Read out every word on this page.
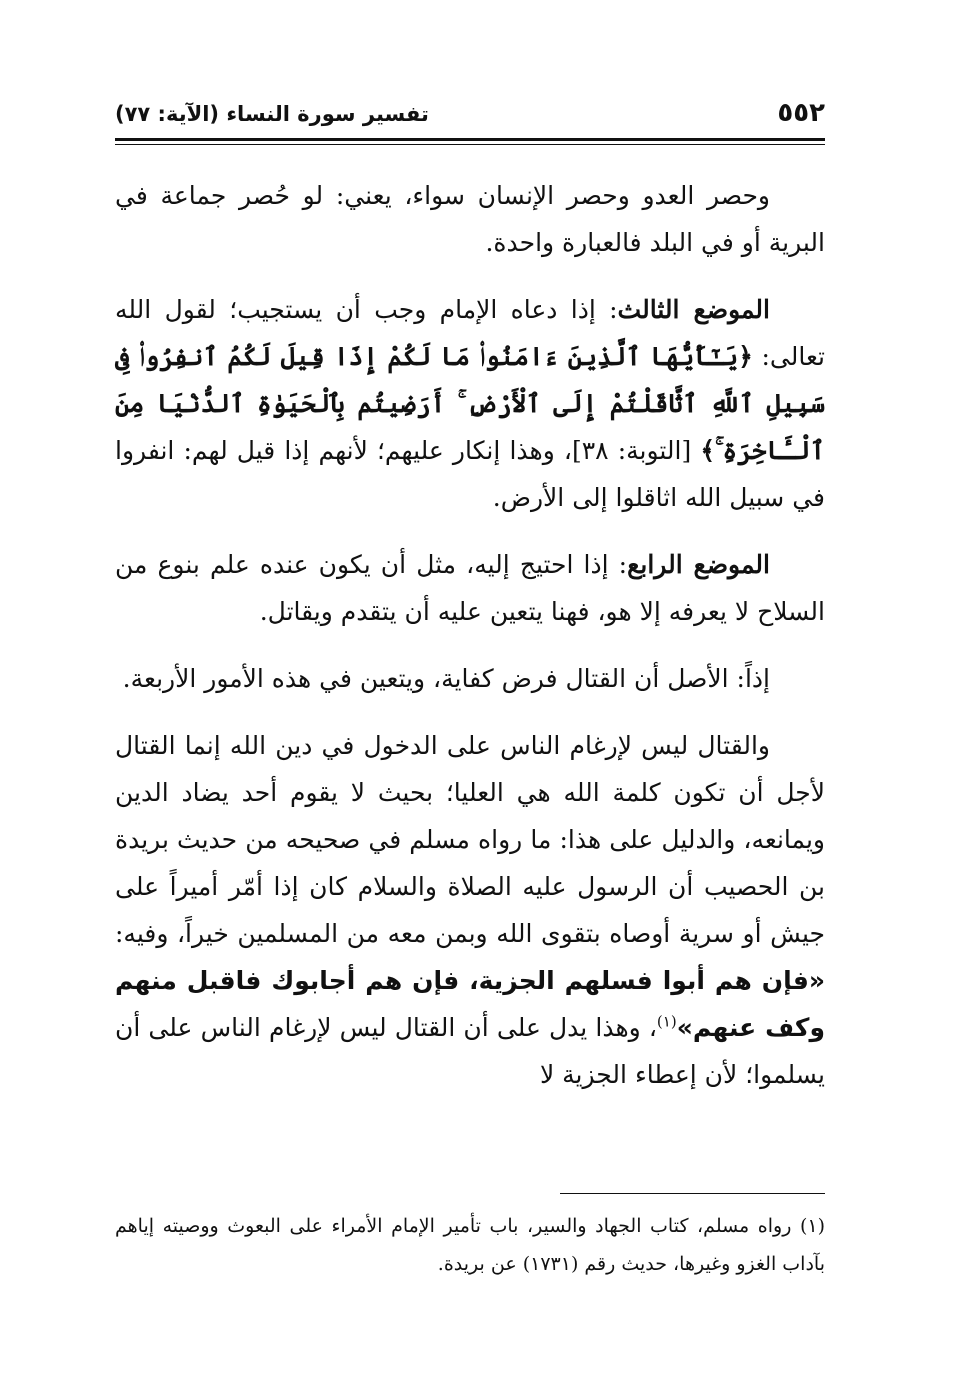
٥٥٢
تفسير سورة النساء (الآية: ٧٧)

وحصر العدو وحصر الإنسان سواء، يعني: لو حُصر جماعة في البرية أو في البلد فالعبارة واحدة.

الموضع الثالث: إذا دعاه الإمام وجب أن يستجيب؛ لقول الله تعالى: ﴿يَـٰٓأَيُّهَا ٱلَّذِينَ ءَامَنُوا۟ مَا لَكُمْ إِذَا قِيلَ لَكُمُ ٱنفِرُوا۟ فِى سَبِيلِ ٱللَّهِ ٱثَّاقَلْتُمْ إِلَى ٱلْأَرْضِ ۚ أَرَضِيتُم بِٱلْحَيَوٰةِ ٱلدُّنْيَا مِنَ ٱلْـَٔاخِرَةِ ۚ﴾ [التوبة: ٣٨]، وهذا إنكار عليهم؛ لأنهم إذا قيل لهم: انفروا في سبيل الله اثاقلوا إلى الأرض.

الموضع الرابع: إذا احتيج إليه، مثل أن يكون عنده علم بنوع من السلاح لا يعرفه إلا هو، فهنا يتعين عليه أن يتقدم ويقاتل.

إذاً: الأصل أن القتال فرض كفاية، ويتعين في هذه الأمور الأربعة.

والقتال ليس لإرغام الناس على الدخول في دين الله إنما القتال لأجل أن تكون كلمة الله هي العليا؛ بحيث لا يقوم أحد يضاد الدين ويمانعه، والدليل على هذا: ما رواه مسلم في صحيحه من حديث بريدة بن الحصيب أن الرسول عليه الصلاة والسلام كان إذا أمّر أميراً على جيش أو سرية أوصاه بتقوى الله وبمن معه من المسلمين خيراً، وفيه: «فإن هم أبوا فسلهم الجزية، فإن هم أجابوك فاقبل منهم وكف عنهم»$^{(١)}$، وهذا يدل على أن القتال ليس لإرغام الناس على أن يسلموا؛ لأن إعطاء الجزية لا

(١) رواه مسلم، كتاب الجهاد والسير، باب تأمير الإمام الأمراء على البعوث ووصيته إياهم بآداب الغزو وغيرها، حديث رقم (١٧٣١) عن بريدة.
